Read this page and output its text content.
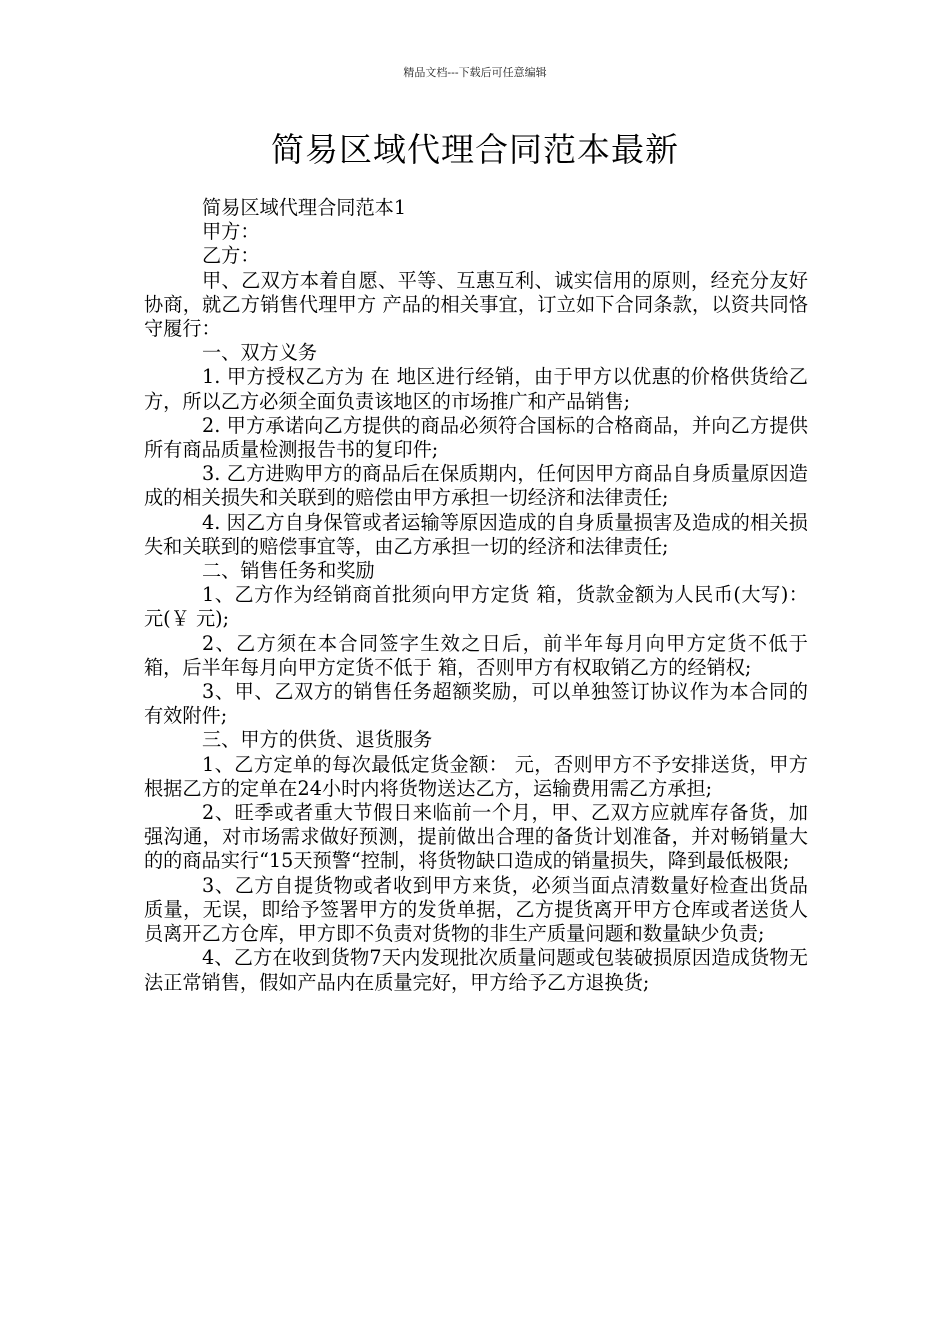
精品文档---下载后可任意编辑
简易区域代理合同范本最新

简易区域代理合同范本1

甲方：

乙方：

甲、乙双方本着自愿、平等、互惠互利、诚实信用的原则，经充分友好协商，就乙方销售代理甲方 产品的相关事宜，订立如下合同条款，以资共同恪守履行：

一、双方义务

1. 甲方授权乙方为 在 地区进行经销，由于甲方以优惠的价格供货给乙方，所以乙方必须全面负责该地区的市场推广和产品销售;

2. 甲方承诺向乙方提供的商品必须符合国标的合格商品，并向乙方提供所有商品质量检测报告书的复印件;

3. 乙方进购甲方的商品后在保质期内，任何因甲方商品自身质量原因造成的相关损失和关联到的赔偿由甲方承担一切经济和法律责任;

4. 因乙方自身保管或者运输等原因造成的自身质量损害及造成的相关损失和关联到的赔偿事宜等，由乙方承担一切的经济和法律责任;

二、销售任务和奖励

1、乙方作为经销商首批须向甲方定货 箱，货款金额为人民币(大写)： 元(￥ 元);

2、乙方须在本合同签字生效之日后，前半年每月向甲方定货不低于 箱，后半年每月向甲方定货不低于 箱，否则甲方有权取销乙方的经销权;

3、甲、乙双方的销售任务超额奖励，可以单独签订协议作为本合同的有效附件;

三、甲方的供货、退货服务

1、乙方定单的每次最低定货金额： 元，否则甲方不予安排送货，甲方根据乙方的定单在24小时内将货物送达乙方，运输费用需乙方承担;

2、旺季或者重大节假日来临前一个月，甲、乙双方应就库存备货，加强沟通，对市场需求做好预测，提前做出合理的备货计划准备，并对畅销量大的的商品实行“15天预警“控制，将货物缺口造成的销量损失，降到最低极限;

3、乙方自提货物或者收到甲方来货，必须当面点清数量好检查出货品质量，无误，即给予签署甲方的发货单据，乙方提货离开甲方仓库或者送货人员离开乙方仓库，甲方即不负责对货物的非生产质量问题和数量缺少负责;

4、乙方在收到货物7天内发现批次质量问题或包装破损原因造成货物无法正常销售，假如产品内在质量完好，甲方给予乙方退换货;
